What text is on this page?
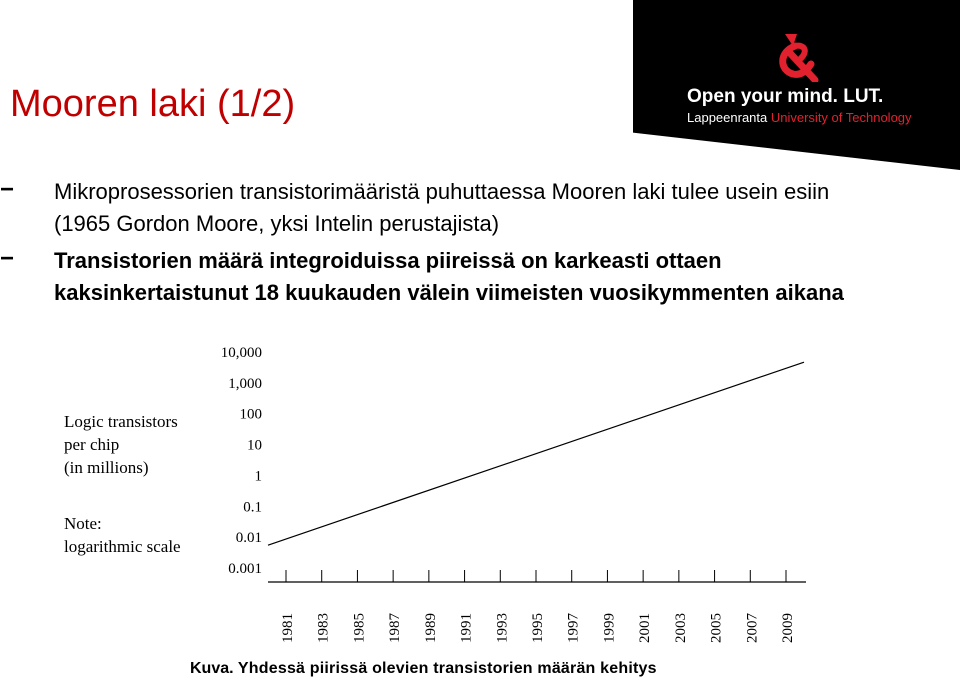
Open your mind. LUT.
Lappeenranta University of Technology
Mooren laki (1/2)
− Mikroprosessorien transistorimääristä puhuttaessa Mooren laki tulee usein esiin (1965 Gordon Moore, yksi Intelin perustajista)
− Transistorien määrä integroiduissa piireissä on karkeasti ottaen kaksinkertaistunut 18 kuukauden välein viimeisten vuosikymmenten aikana
Logic transistors
per chip
(in millions)
Note:
logarithmic scale
10,000
1,000
100
10
1
0.1
0.01
0.001
1981 1983 1985 1987 1989 1991 1993 1995 1997 1999 2001 2003 2005 2007 2009
Kuva. Yhdessä piirissä olevien transistorien määrän kehitys
